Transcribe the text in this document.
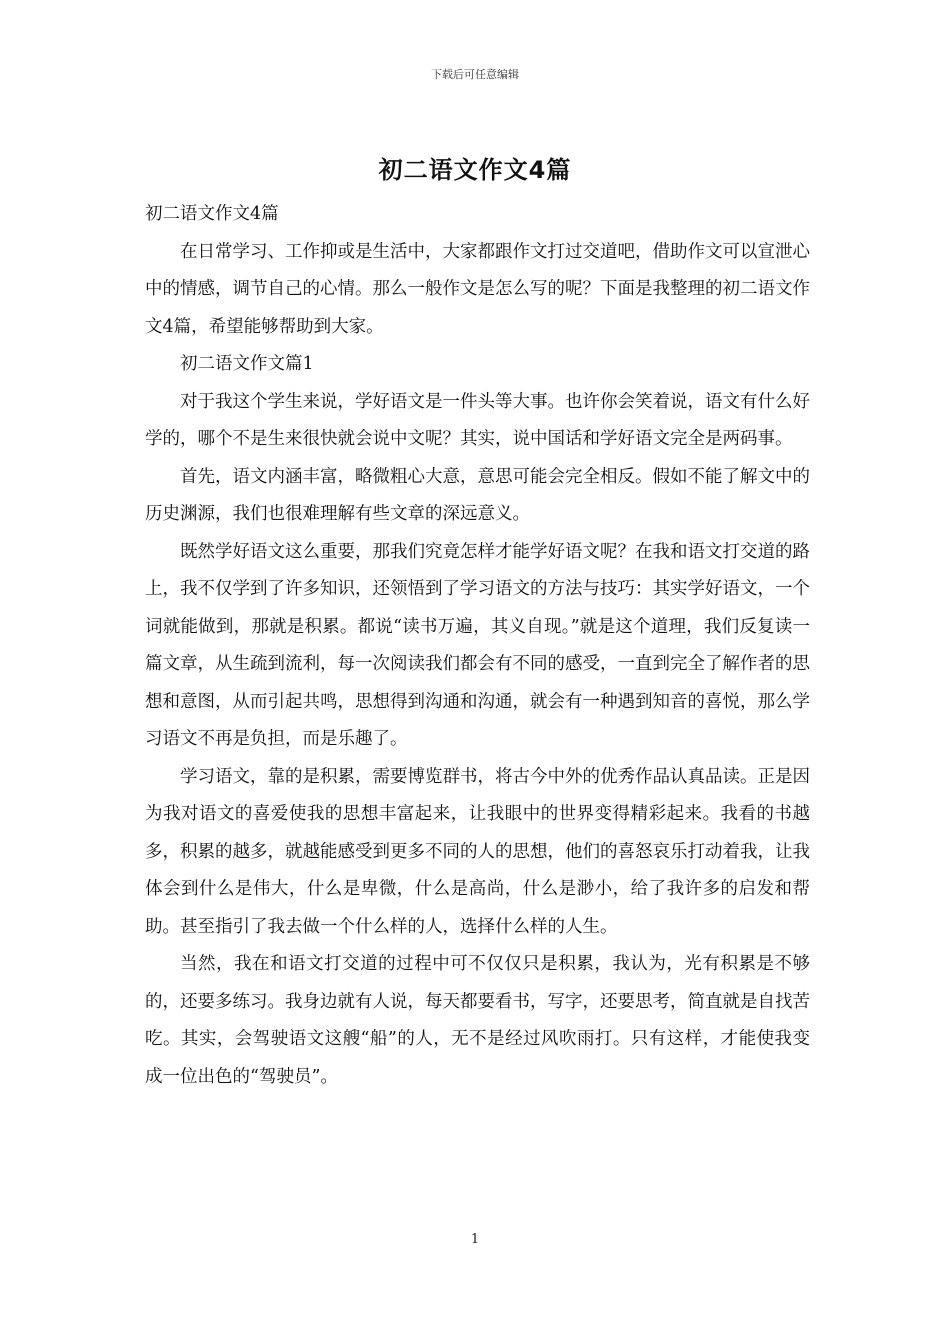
下载后可任意编辑
初二语文作文4篇

初二语文作文4篇

在日常学习、工作抑或是生活中，大家都跟作文打过交道吧，借助作文可以宣泄心中的情感，调节自己的心情。那么一般作文是怎么写的呢？下面是我整理的初二语文作文4篇，希望能够帮助到大家。

初二语文作文篇1

对于我这个学生来说，学好语文是一件头等大事。也许你会笑着说，语文有什么好学的，哪个不是生来很快就会说中文呢？其实，说中国话和学好语文完全是两码事。

首先，语文内涵丰富，略微粗心大意，意思可能会完全相反。假如不能了解文中的历史渊源，我们也很难理解有些文章的深远意义。

既然学好语文这么重要，那我们究竟怎样才能学好语文呢？在我和语文打交道的路上，我不仅学到了许多知识，还领悟到了学习语文的方法与技巧：其实学好语文，一个词就能做到，那就是积累。都说“读书万遍，其义自现。”就是这个道理，我们反复读一篇文章，从生疏到流利，每一次阅读我们都会有不同的感受，一直到完全了解作者的思想和意图，从而引起共鸣，思想得到沟通和沟通，就会有一种遇到知音的喜悦，那么学习语文不再是负担，而是乐趣了。

学习语文，靠的是积累，需要博览群书，将古今中外的优秀作品认真品读。正是因为我对语文的喜爱使我的思想丰富起来，让我眼中的世界变得精彩起来。我看的书越多，积累的越多，就越能感受到更多不同的人的思想，他们的喜怒哀乐打动着我，让我体会到什么是伟大，什么是卑微，什么是高尚，什么是渺小，给了我许多的启发和帮助。甚至指引了我去做一个什么样的人，选择什么样的人生。

当然，我在和语文打交道的过程中可不仅仅只是积累，我认为，光有积累是不够的，还要多练习。我身边就有人说，每天都要看书，写字，还要思考，简直就是自找苦吃。其实，会驾驶语文这艘“船”的人，无不是经过风吹雨打。只有这样，才能使我变成一位出色的“驾驶员”。

1
